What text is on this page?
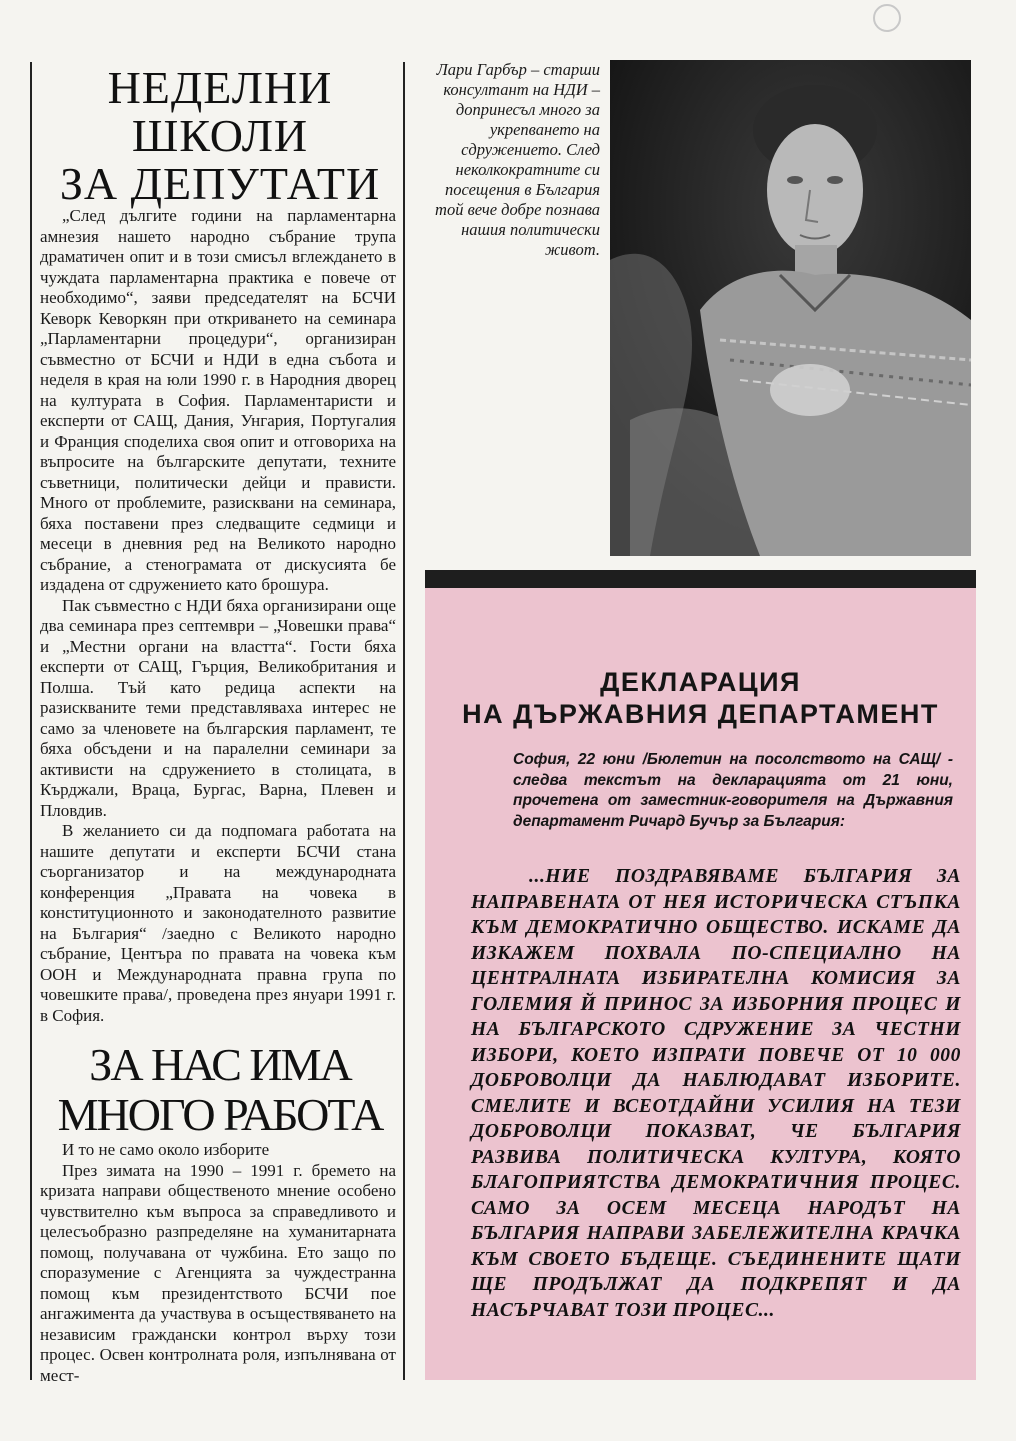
НЕДЕЛНИ
ШКОЛИ
ЗА ДЕПУТАТИ

„След дългите години на парламентарна амнезия нашето народно събрание трупа драматичен опит и в този смисъл вглеждането в чуждата парламентарна практика е повече от необходимо“, заяви председателят на БСЧИ Кеворк Кеворкян при откриването на семинара „Парламентарни процедури“, организиран съвместно от БСЧИ и НДИ в една събота и неделя в края на юли 1990 г. в Народния дворец на културата в София. Парламентаристи и експерти от САЩ, Дания, Унгария, Португалия и Франция споделиха своя опит и отговориха на въпросите на българските депутати, техните съветници, политически дейци и прависти. Много от проблемите, разисквани на семинара, бяха поставени през следващите седмици и месеци в дневния ред на Великото народно събрание, а стенограмата от дискусията бе издадена от сдружението като брошура.

Пак съвместно с НДИ бяха организирани още два семинара през септември – „Човешки права“ и „Местни органи на властта“. Гости бяха експерти от САЩ, Гърция, Великобритания и Полша. Тъй като редица аспекти на разискваните теми представляваха интерес не само за членовете на българския парламент, те бяха обсъдени и на паралелни семинари за активисти на сдружението в столицата, в Кърджали, Враца, Бургас, Варна, Плевен и Пловдив.

В желанието си да подпомага работата на нашите депутати и експерти БСЧИ стана съорганизатор и на международната конференция „Правата на човека в конституционното и законодателното развитие на България“ /заедно с Великото народно събрание, Центъра по правата на човека към ООН и Международната правна група по човешките права/, проведена през януари 1991 г. в София.

ЗА НАС ИМА
МНОГО РАБОТА

И то не само около изборите

През зимата на 1990 – 1991 г. бремето на кризата направи общественото мнение особено чувствително към въпроса за справедливото и целесъобразно разпределяне на хуманитарната помощ, получавана от чужбина. Ето защо по споразумение с Агенцията за чуждестранна помощ към президентството БСЧИ пое ангажимента да участвува в осъществяването на независим граждански контрол върху този процес. Освен контролната роля, изпълнявана от мест-

Лари Гарбър – старши консултант на НДИ – допринесъл много за укрепването на сдружението. След неколкократните си посещения в България той вече добре познава нашия политически живот.

ДЕКЛАРАЦИЯ
НА ДЪРЖАВНИЯ ДЕПАРТАМЕНТ

София, 22 юни /Бюлетин на посолството на САЩ/ - следва текстът на декларацията от 21 юни, прочетена от заместник-говорителя на Държавния департамент Ричард Бучър за България:

...НИЕ ПОЗДРАВЯВАМЕ БЪЛГАРИЯ ЗА НАПРАВЕНАТА ОТ НЕЯ ИСТОРИЧЕСКА СТЪПКА КЪМ ДЕМОКРАТИЧНО ОБЩЕСТВО. ИСКАМЕ ДА ИЗКАЖЕМ ПОХВАЛА ПО-СПЕЦИАЛНО НА ЦЕНТРАЛНАТА ИЗБИРАТЕЛНА КОМИСИЯ ЗА ГОЛЕМИЯ Й ПРИНОС ЗА ИЗБОРНИЯ ПРОЦЕС И НА БЪЛГАРСКОТО СДРУЖЕНИЕ ЗА ЧЕСТНИ ИЗБОРИ, КОЕТО ИЗПРАТИ ПОВЕЧЕ ОТ 10 000 ДОБРОВОЛЦИ ДА НАБЛЮДАВАТ ИЗБОРИТЕ. СМЕЛИТЕ И ВСЕОТДАЙНИ УСИЛИЯ НА ТЕЗИ ДОБРОВОЛЦИ ПОКАЗВАТ, ЧЕ БЪЛГАРИЯ РАЗВИВА ПОЛИТИЧЕСКА КУЛТУРА, КОЯТО БЛАГОПРИЯТСТВА ДЕМОКРАТИЧНИЯ ПРОЦЕС. САМО ЗА ОСЕМ МЕСЕЦА НАРОДЪТ НА БЪЛГАРИЯ НАПРАВИ ЗАБЕЛЕЖИТЕЛНА КРАЧКА КЪМ СВОЕТО БЪДЕЩЕ. СЪЕДИНЕНИТЕ ЩАТИ ЩЕ ПРОДЪЛЖАТ ДА ПОДКРЕПЯТ И ДА НАСЪРЧАВАТ ТОЗИ ПРОЦЕС...
